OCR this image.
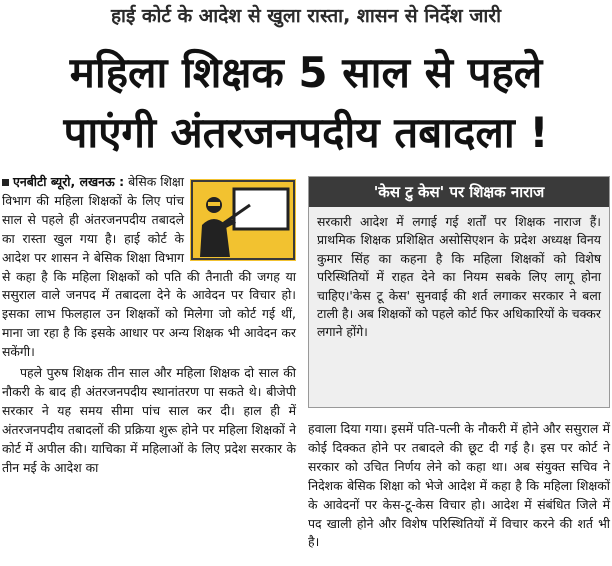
हाई कोर्ट के आदेश से खुला रास्ता, शासन से निर्देश जारी
महिला शिक्षक 5 साल से पहले
पाएंगी अंतरजनपदीय तबादला !
एनबीटी ब्यूरो, लखनऊ : बेसिक शिक्षा विभाग की महिला शिक्षकों के लिए पांच साल से पहले ही अंतरजनपदीय तबादले का रास्ता खुल गया है। हाई कोर्ट के आदेश पर शासन ने बेसिक शिक्षा विभाग से कहा है कि महिला शिक्षकों को पति की तैनाती की जगह या ससुराल वाले जनपद में तबादला देने के आवेदन पर विचार हो। इसका लाभ फिलहाल उन शिक्षकों को मिलेगा जो कोर्ट गई थीं, माना जा रहा है कि इसके आधार पर अन्य शिक्षक भी आवेदन कर सकेंगी।
पहले पुरुष शिक्षक तीन साल और महिला शिक्षक दो साल की नौकरी के बाद ही अंतरजनपदीय स्थानांतरण पा सकते थे। बीजेपी सरकार ने यह समय सीमा पांच साल कर दी। हाल ही में अंतरजनपदीय तबादलों की प्रक्रिया शुरू होने पर महिला शिक्षकों ने कोर्ट में अपील की। याचिका में महिलाओं के लिए प्रदेश सरकार के तीन मई के आदेश का
'केस टु केस' पर शिक्षक नाराज
सरकारी आदेश में लगाई गई शर्तों पर शिक्षक नाराज हैं। प्राथमिक शिक्षक प्रशिक्षित असोसिएशन के प्रदेश अध्यक्ष विनय कुमार सिंह का कहना है कि महिला शिक्षकों को विशेष परिस्थितियों में राहत देने का नियम सबके लिए लागू होना चाहिए।'केस टू केस' सुनवाई की शर्त लगाकर सरकार ने बला टाली है। अब शिक्षकों को पहले कोर्ट फिर अधिकारियों के चक्कर लगाने होंगे।
हवाला दिया गया। इसमें पति-पत्नी के नौकरी में होने और ससुराल में कोई दिक्कत होने पर तबादले की छूट दी गई है। इस पर कोर्ट ने सरकार को उचित निर्णय लेने को कहा था। अब संयुक्त सचिव ने निदेशक बेसिक शिक्षा को भेजे आदेश में कहा है कि महिला शिक्षकों के आवेदनों पर केस-टू-केस विचार हो। आदेश में संबंधित जिले में पद खाली होने और विशेष परिस्थितियों में विचार करने की शर्त भी है।
